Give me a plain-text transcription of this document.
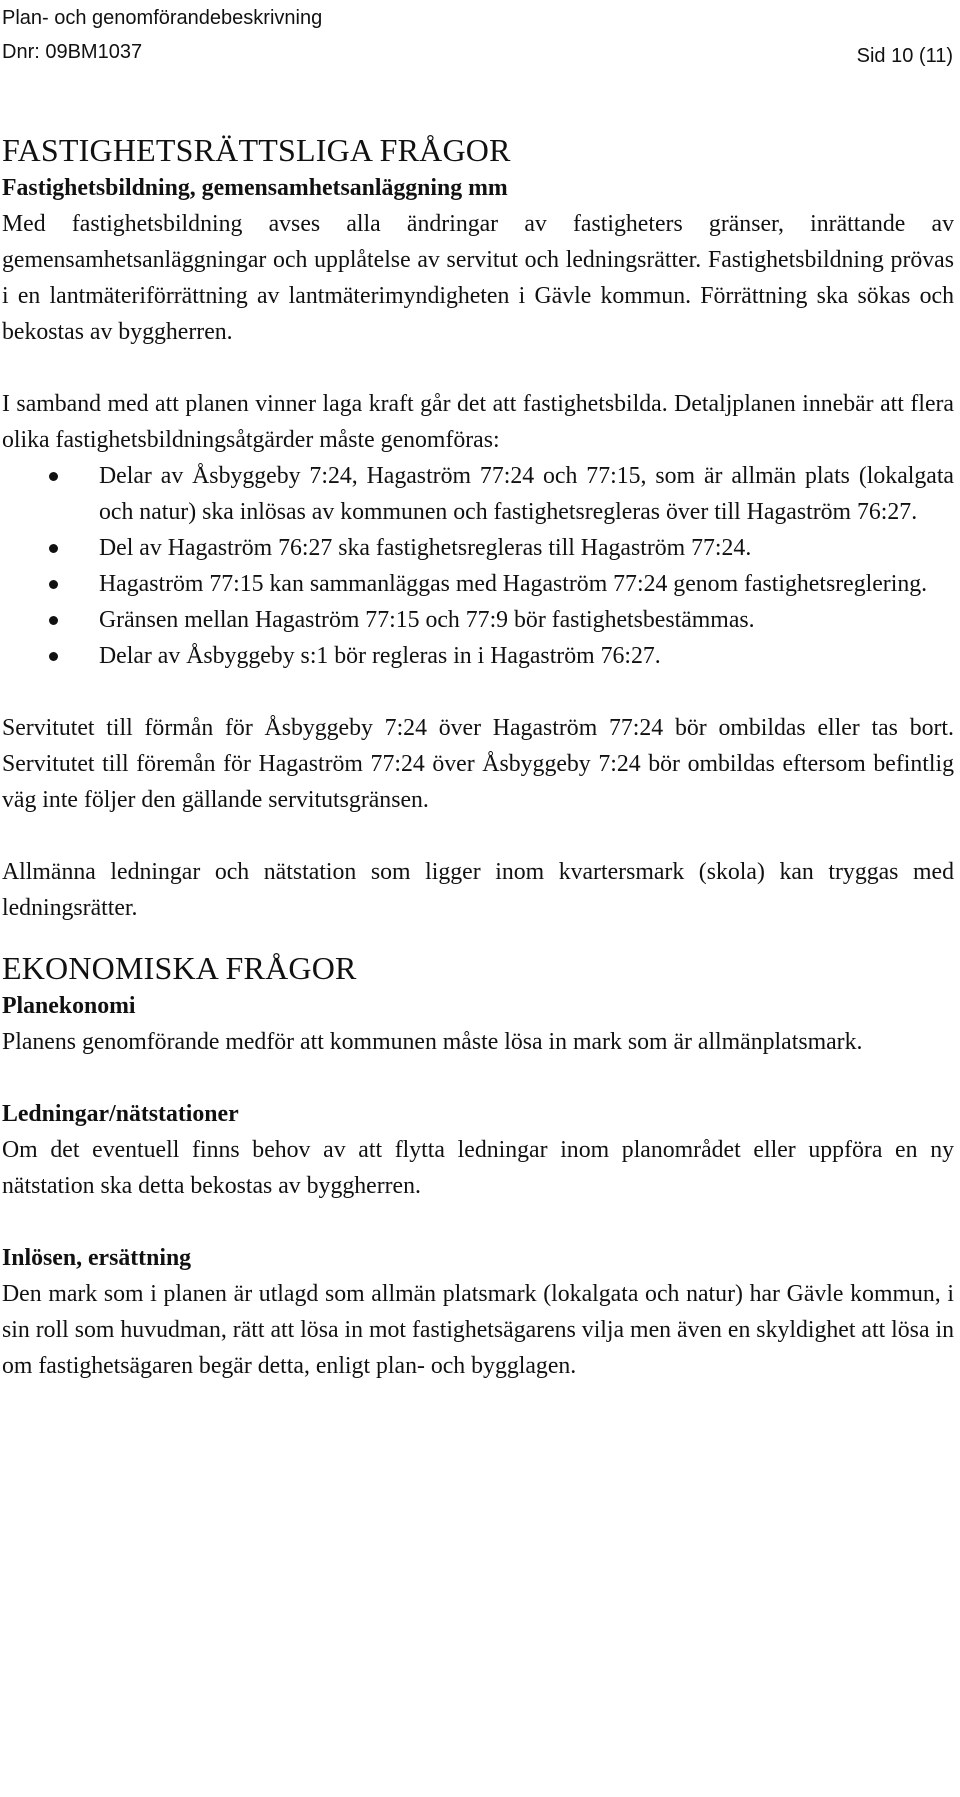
Plan- och genomförandebeskrivning
Dnr: 09BM1037	Sid 10 (11)
FASTIGHETSRÄTTSLIGA FRÅGOR
Fastighetsbildning, gemensamhetsanläggning mm

Med fastighetsbildning avses alla ändringar av fastigheters gränser, inrättande av gemensamhetsanläggningar och upplåtelse av servitut och ledningsrätter. Fastighetsbildning prövas i en lantmäteriförrättning av lantmäterimyndigheten i Gävle kommun. Förrättning ska sökas och bekostas av byggherren.

I samband med att planen vinner laga kraft går det att fastighetsbilda. Detaljplanen innebär att flera olika fastighetsbildningsåtgärder måste genomföras:

Delar av Åsbyggeby 7:24, Hagaström 77:24 och 77:15, som är allmän plats (lokalgata och natur) ska inlösas av kommunen och fastighetsregleras över till Hagaström 76:27.
Del av Hagaström 76:27 ska fastighetsregleras till Hagaström 77:24.
Hagaström 77:15 kan sammanläggas med Hagaström 77:24 genom fastighetsreglering.
Gränsen mellan Hagaström 77:15 och 77:9 bör fastighetsbestämmas.
Delar av Åsbyggeby s:1 bör regleras in i Hagaström 76:27.

Servitutet till förmån för Åsbyggeby 7:24 över Hagaström 77:24 bör ombildas eller tas bort. Servitutet till föremån för Hagaström 77:24 över Åsbyggeby 7:24 bör ombildas eftersom befintlig väg inte följer den gällande servitutsgränsen.

Allmänna ledningar och nätstation som ligger inom kvartersmark (skola) kan tryggas med ledningsrätter.

EKONOMISKA FRÅGOR
Planekonomi

Planens genomförande medför att kommunen måste lösa in mark som är allmänplatsmark.

Ledningar/nätstationer

Om det eventuell finns behov av att flytta ledningar inom planområdet eller uppföra en ny nätstation ska detta bekostas av byggherren.

Inlösen, ersättning

Den mark som i planen är utlagd som allmän platsmark (lokalgata och natur) har Gävle kommun, i sin roll som huvudman, rätt att lösa in mot fastighetsägarens vilja men även en skyldighet att lösa in om fastighetsägaren begär detta, enligt plan- och bygglagen.
